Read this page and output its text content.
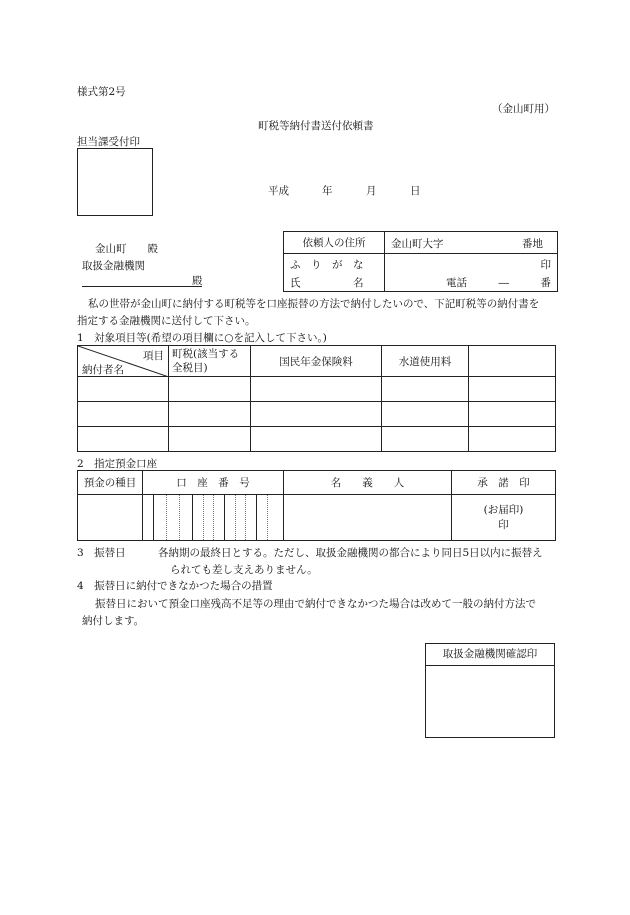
様式第2号
（金山町用）
町税等納付書送付依頼書
担当課受付印
平成	年	月	日
金山町　　殿
取扱金融機関
殿
依頼人の住所	金山町大字 番地

ふ　り　が　な
氏　　　　　名	印
電話　　　―　　　番
私の世帯が金山町に納付する町税等を口座振替の方法で納付したいので、下記町税等の納付書を
指定する金融機関に送付して下さい。
1　対象項目等(希望の項目欄に○を記入して下さい。)
項目
納付者名	町税(該当する全税目)	国民年金保険料	水道使用料	

2　指定預金口座
預金の種目	口　座　番　号	名　　義　　人	承　諾　印

			(お届印)
印
3　振替日	各納期の最終日とする。ただし、取扱金融機関の都合により同日5日以内に振替え
られても差し支えありません。
4　振替日に納付できなかつた場合の措置
振替日において預金口座残高不足等の理由で納付できなかつた場合は改めて一般の納付方法で
納付します。
取扱金融機関確認印
